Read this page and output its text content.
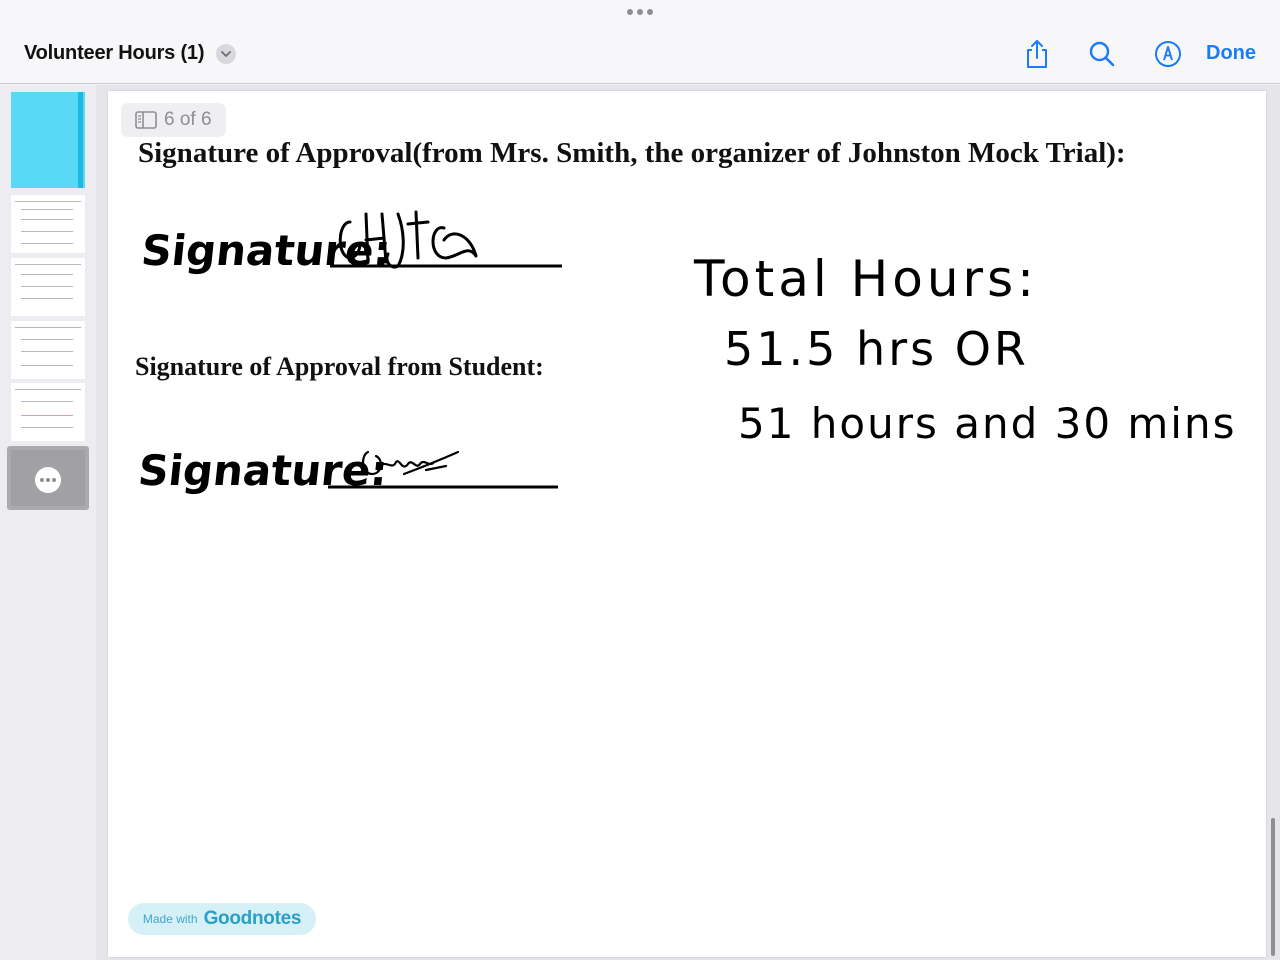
Volunteer Hours (1)	Done
6 of 6
Signature of Approval(from Mrs. Smith, the organizer of Johnston Mock Trial):
Signature of Approval from Student:
Signature:
Signature:
Total Hours:
51.5 hrs OR
51 hours and 30 mins
Made with Goodnotes
